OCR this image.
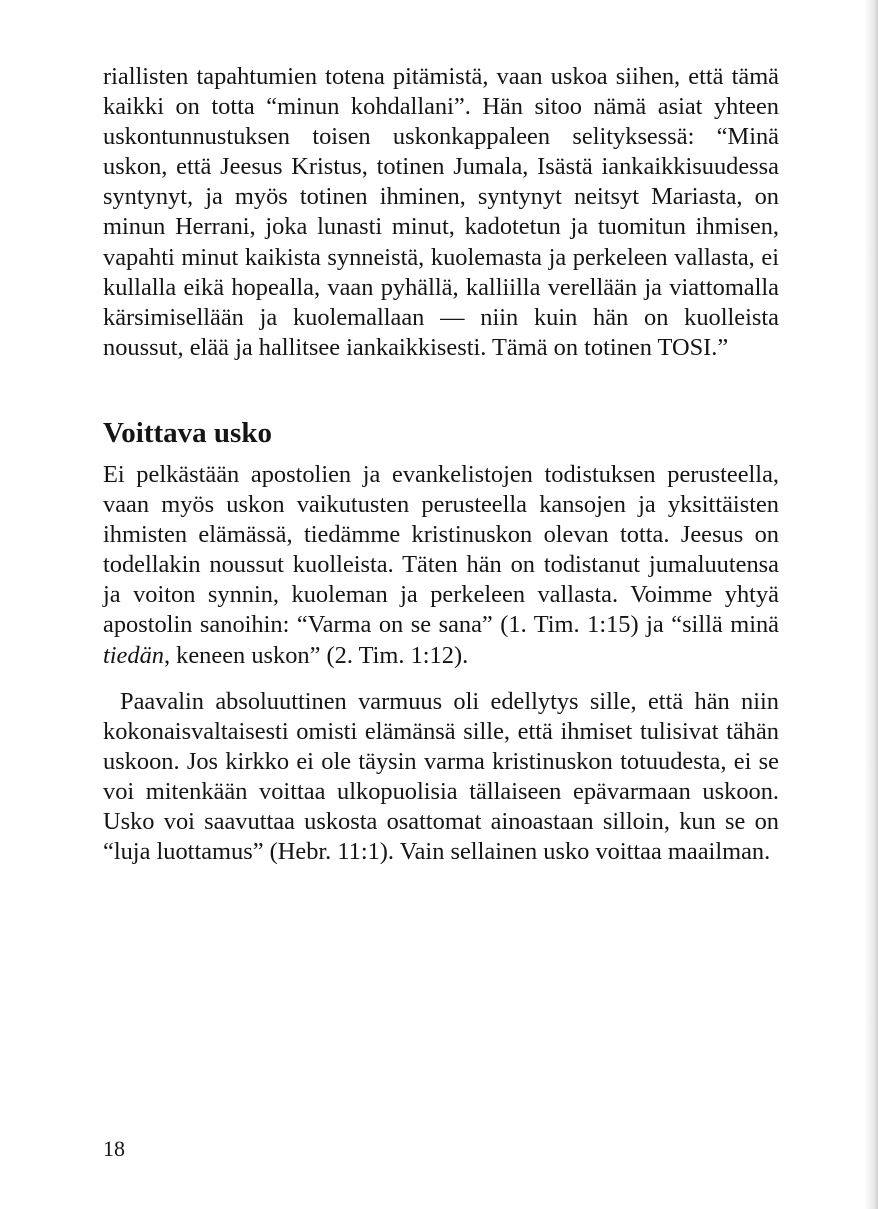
riallisten tapahtumien totena pitämistä, vaan uskoa siihen, että tämä kaikki on totta “minun kohdallani”. Hän sitoo nämä asiat yhteen uskontunnustuksen toisen uskonkappaleen selityksessä: “Minä uskon, että Jeesus Kristus, totinen Jumala, Isästä iankaikkisuudessa syntynyt, ja myös totinen ihminen, syntynyt neitsyt Mariasta, on minun Herrani, joka lunasti minut, kadotetun ja tuomitun ihmisen, vapahti minut kaikista synneistä, kuolemasta ja perkeleen vallasta, ei kullalla eikä hopealla, vaan pyhällä, kalliilla verellään ja viattomalla kärsimisellään ja kuolemallaan — niin kuin hän on kuolleista noussut, elää ja hallitsee iankaikkisesti. Tämä on totinen TOSI.”

Voittava usko

Ei pelkästään apostolien ja evankelistojen todistuksen perusteella, vaan myös uskon vaikutusten perusteella kansojen ja yksittäisten ihmisten elämässä, tiedämme kristinuskon olevan totta. Jeesus on todellakin noussut kuolleista. Täten hän on todistanut jumaluutensa ja voiton synnin, kuoleman ja perkeleen vallasta. Voimme yhtyä apostolin sanoihin: “Varma on se sana” (1. Tim. 1:15) ja “sillä minä tiedän, keneen uskon” (2. Tim. 1:12).

Paavalin absoluuttinen varmuus oli edellytys sille, että hän niin kokonaisvaltaisesti omisti elämänsä sille, että ihmiset tulisivat tähän uskoon. Jos kirkko ei ole täysin varma kristinuskon totuudesta, ei se voi mitenkään voittaa ulkopuolisia tällaiseen epävarmaan uskoon. Usko voi saavuttaa uskosta osattomat ainoastaan silloin, kun se on “luja luottamus” (Hebr. 11:1). Vain sellainen usko voittaa maailman.

18
